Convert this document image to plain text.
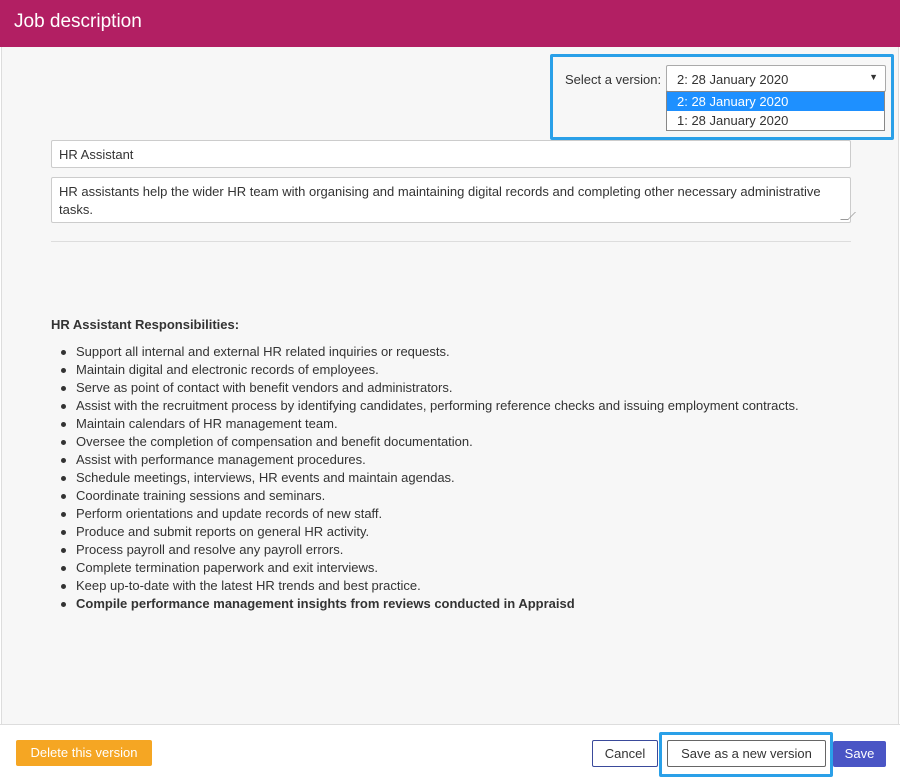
Job description
Select a version:	2: 28 January 2020	▼
2: 28 January 2020
1: 28 January 2020
HR Assistant
HR assistants help the wider HR team with organising and maintaining digital records and completing other necessary administrative tasks.
HR Assistant Responsibilities:
Support all internal and external HR related inquiries or requests.
Maintain digital and electronic records of employees.
Serve as point of contact with benefit vendors and administrators.
Assist with the recruitment process by identifying candidates, performing reference checks and issuing employment contracts.
Maintain calendars of HR management team.
Oversee the completion of compensation and benefit documentation.
Assist with performance management procedures.
Schedule meetings, interviews, HR events and maintain agendas.
Coordinate training sessions and seminars.
Perform orientations and update records of new staff.
Produce and submit reports on general HR activity.
Process payroll and resolve any payroll errors.
Complete termination paperwork and exit interviews.
Keep up-to-date with the latest HR trends and best practice.
Compile performance management insights from reviews conducted in Appraisd
Delete this version	Cancel	Save as a new version	Save
